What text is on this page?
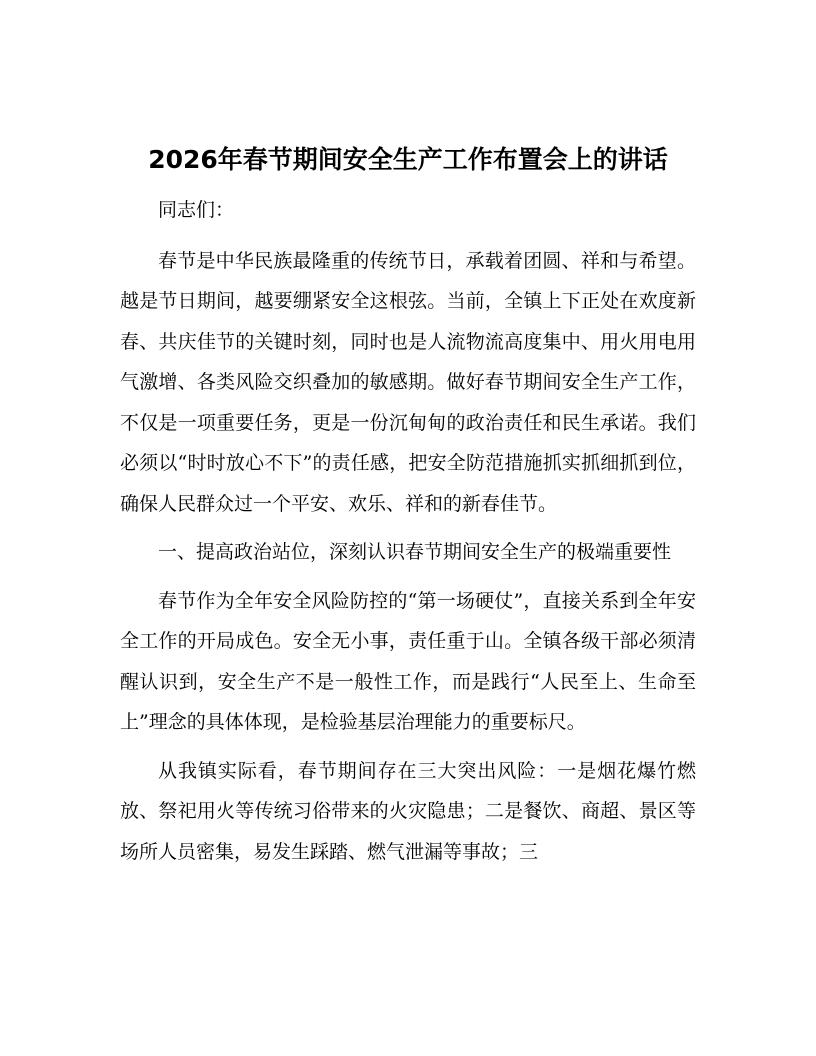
2026年春节期间安全生产工作布置会上的讲话

同志们：

春节是中华民族最隆重的传统节日，承载着团圆、祥和与希望。越是节日期间，越要绷紧安全这根弦。当前，全镇上下正处在欢度新春、共庆佳节的关键时刻，同时也是人流物流高度集中、用火用电用气激增、各类风险交织叠加的敏感期。做好春节期间安全生产工作，不仅是一项重要任务，更是一份沉甸甸的政治责任和民生承诺。我们必须以“时时放心不下”的责任感，把安全防范措施抓实抓细抓到位，确保人民群众过一个平安、欢乐、祥和的新春佳节。

一、提高政治站位，深刻认识春节期间安全生产的极端重要性

春节作为全年安全风险防控的“第一场硬仗”，直接关系到全年安全工作的开局成色。安全无小事，责任重于山。全镇各级干部必须清醒认识到，安全生产不是一般性工作，而是践行“人民至上、生命至上”理念的具体体现，是检验基层治理能力的重要标尺。

从我镇实际看，春节期间存在三大突出风险：一是烟花爆竹燃放、祭祀用火等传统习俗带来的火灾隐患；二是餐饮、商超、景区等场所人员密集，易发生踩踏、燃气泄漏等事故；三
